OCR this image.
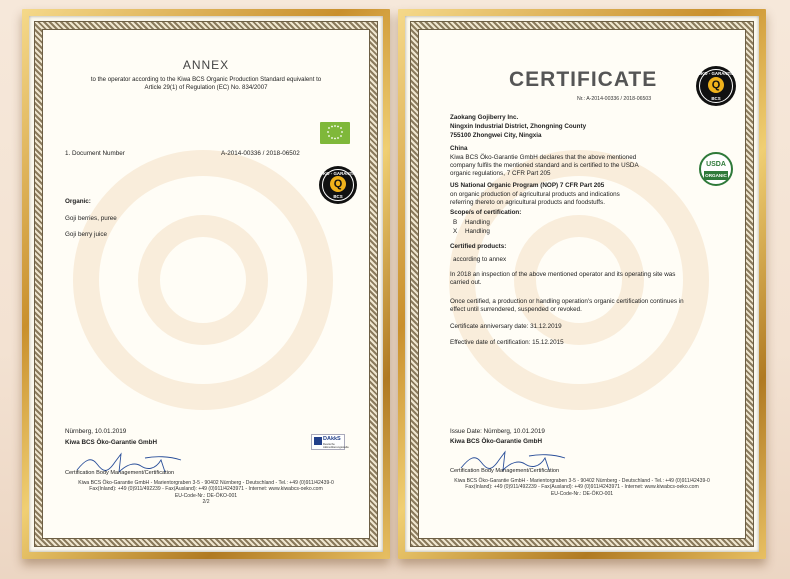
ANNEX
to the operator according to the Kiwa BCS Organic Production Standard equivalent to
Article 29(1) of Regulation (EC) No. 834/2007
1. Document Number	A-2014-00336 / 2018-06502
ÖKO - GARANTIE
Q
BCS
Organic:
Goji berries, puree
Goji berry juice
Nürnberg, 10.01.2019
Kiwa BCS Öko-Garantie GmbH	DAkkS
Deutsche
Akkreditierungsstelle
Certification Body Management/Certification
Kiwa BCS Öko-Garantie GmbH - Marientorgraben 3-5 - 90402 Nürnberg - Deutschland - Tel.: +49 (0)911/42439-0
Fax(Inland): +49 (0)911/492239 - Fax(Ausland): +49 (0)911/4243971 - Internet: www.kiwabcs-oeko.com
EU-Code-Nr.: DE-ÖKO-001
2/2
CERTIFICATE
Nr.: A-2014-00336 / 2018-06503
ÖKO - GARANTIE
Q
BCS
Zaokang Gojiberry Inc.
Ningxin Industrial District, Zhongning County
755100 Zhongwei City, Ningxia
China
Kiwa BCS Öko-Garantie GmbH declares that the above mentioned
company fulfils the mentioned standard and is certified to the USDA
organic regulations, 7 CFR Part 205
USDA
ORGANIC
US National Organic Program (NOP) 7 CFR Part 205
on organic production of agricultural products and indications
referring thereto on agricultural products and foodstuffs.
Scope/s of certification:
B Handling
X Handling
Certified products:
according to annex
In 2018 an inspection of the above mentioned operator and its operating site was
carried out.
Once certified, a production or handling operation's organic certification continues in
effect until surrendered, suspended or revoked.
Certificate anniversary date: 31.12.2019
Effective date of certification: 15.12.2015
Issue Date: Nürnberg, 10.01.2019
Kiwa BCS Öko-Garantie GmbH
Certification Body Management/Certification
Kiwa BCS Öko-Garantie GmbH - Marientorgraben 3-5 - 90402 Nürnberg - Deutschland - Tel.: +49 (0)911/42439-0
Fax(Inland): +49 (0)911/492239 - Fax(Ausland): +49 (0)911/4243971 - Internet: www.kiwabcs-oeko.com
EU-Code-Nr.: DE-ÖKO-001
